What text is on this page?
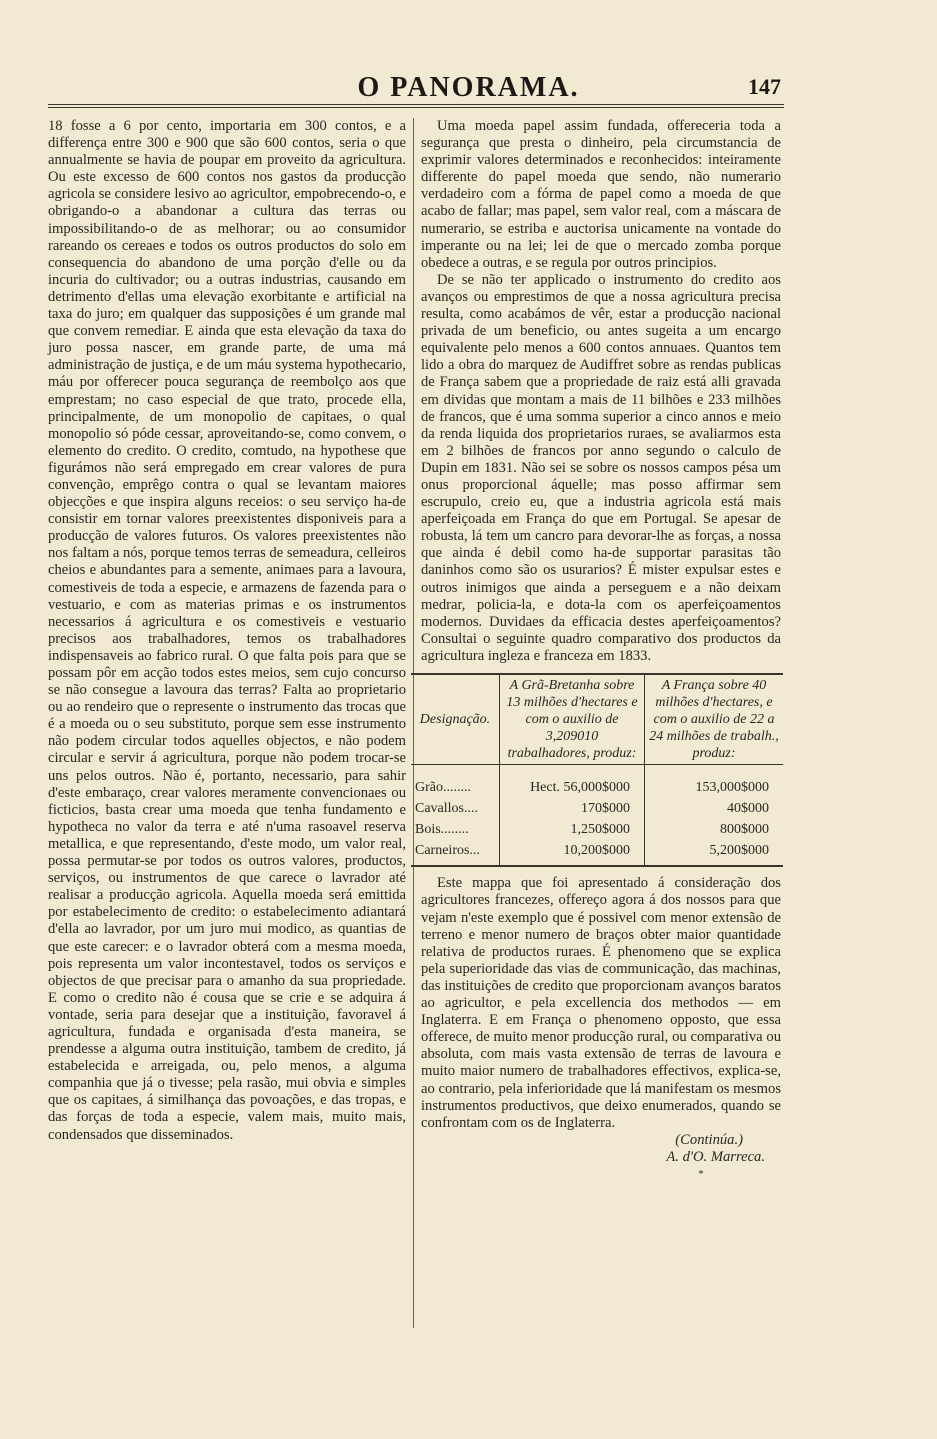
O PANORAMA.	147

18 fosse a 6 por cento, importaria em 300 contos, e a differença entre 300 e 900 que são 600 contos, seria o que annualmente se havia de poupar em proveito da agricultura. Ou este excesso de 600 contos nos gastos da producção agricola se considere lesivo ao agricultor, empobrecendo-o, e obrigando-o a abandonar a cultura das terras ou impossibilitando-o de as melhorar; ou ao consumidor rareando os cereaes e todos os outros productos do solo em consequencia do abandono de uma porção d'elle ou da incuria do cultivador; ou a outras industrias, causando em detrimento d'ellas uma elevação exorbitante e artificial na taxa do juro; em qualquer das supposições é um grande mal que convem remediar. E ainda que esta elevação da taxa do juro possa nascer, em grande parte, de uma má administração de justiça, e de um máu systema hypothecario, máu por offerecer pouca segurança de reembolço aos que emprestam; no caso especial de que trato, procede ella, principalmente, de um monopolio de capitaes, o qual monopolio só póde cessar, aproveitando-se, como convem, o elemento do credito. O credito, comtudo, na hypothese que figurámos não será empregado em crear valores de pura convenção, emprêgo contra o qual se levantam maiores objecções e que inspira alguns receios: o seu serviço ha-de consistir em tornar valores preexistentes disponiveis para a producção de valores futuros. Os valores preexistentes não nos faltam a nós, porque temos terras de semeadura, celleiros cheios e abundantes para a semente, animaes para a lavoura, comestiveis de toda a especie, e armazens de fazenda para o vestuario, e com as materias primas e os instrumentos necessarios á agricultura e os comestiveis e vestuario precisos aos trabalhadores, temos os trabalhadores indispensaveis ao fabrico rural. O que falta pois para que se possam pôr em acção todos estes meios, sem cujo concurso se não consegue a lavoura das terras? Falta ao proprietario ou ao rendeiro que o represente o instrumento das trocas que é a moeda ou o seu substituto, porque sem esse instrumento não podem circular todos aquelles objectos, e não podem circular e servir á agricultura, porque não podem trocar-se uns pelos outros. Não é, portanto, necessario, para sahir d'este embaraço, crear valores meramente convencionaes ou ficticios, basta crear uma moeda que tenha fundamento e hypotheca no valor da terra e até n'uma rasoavel reserva metallica, e que representando, d'este modo, um valor real, possa permutar-se por todos os outros valores, productos, serviços, ou instrumentos de que carece o lavrador até realisar a producção agricola. Aquella moeda será emittida por estabelecimento de credito: o estabelecimento adiantará d'ella ao lavrador, por um juro mui modico, as quantias de que este carecer: e o lavrador obterá com a mesma moeda, pois representa um valor incontestavel, todos os serviços e objectos de que precisar para o amanho da sua propriedade. E como o credito não é cousa que se crie e se adquira á vontade, seria para desejar que a instituição, favoravel á agricultura, fundada e organisada d'esta maneira, se prendesse a alguma outra instituição, tambem de credito, já estabelecida e arreigada, ou, pelo menos, a alguma companhia que já o tivesse; pela rasão, mui obvia e simples que os capitaes, á similhança das povoações, e das tropas, e das forças de toda a especie, valem mais, muito mais, condensados que disseminados.

Uma moeda papel assim fundada, offereceria toda a segurança que presta o dinheiro, pela circumstancia de exprimir valores determinados e reconhecidos: inteiramente differente do papel moeda que sendo, não numerario verdadeiro com a fórma de papel como a moeda de que acabo de fallar; mas papel, sem valor real, com a máscara de numerario, se estriba e auctorisa unicamente na vontade do imperante ou na lei; lei de que o mercado zomba porque obedece a outras, e se regula por outros principios.

De se não ter applicado o instrumento do credito aos avanços ou emprestimos de que a nossa agricultura precisa resulta, como acabámos de vêr, estar a producção nacional privada de um beneficio, ou antes sugeita a um encargo equivalente pelo menos a 600 contos annuaes. Quantos tem lido a obra do marquez de Audiffret sobre as rendas publicas de França sabem que a propriedade de raiz está alli gravada em dividas que montam a mais de 11 bilhões e 233 milhões de francos, que é uma somma superior a cinco annos e meio da renda liquida dos proprietarios ruraes, se avaliarmos esta em 2 bilhões de francos por anno segundo o calculo de Dupin em 1831. Não sei se sobre os nossos campos pésa um onus proporcional áquelle; mas posso affirmar sem escrupulo, creio eu, que a industria agricola está mais aperfeiçoada em França do que em Portugal. Se apesar de robusta, lá tem um cancro para devorar-lhe as forças, a nossa que ainda é debil como ha-de supportar parasitas tão daninhos como são os usurarios? É mister expulsar estes e outros inimigos que ainda a perseguem e a não deixam medrar, policia-la, e dota-la com os aperfeiçoamentos modernos. Duvidaes da efficacia destes aperfeiçoamentos? Consultai o seguinte quadro comparativo dos productos da agricultura ingleza e franceza em 1833.

Designação.	A Grã-Bretanha sobre 13 milhões d'hectares e com o auxilio de 3,209010 trabalhadores, produz:	A França sobre 40 milhões d'hectares, e com o auxilio de 22 a 24 milhões de trabalh., produz:
Grão........	Hect. 56,000$000	153,000$000
Cavallos....	170$000	40$000
Bois........	1,250$000	800$000
Carneiros...	10,200$000	5,200$000

Este mappa que foi apresentado á consideração dos agricultores francezes, offereço agora á dos nossos para que vejam n'este exemplo que é possivel com menor extensão de terreno e menor numero de braços obter maior quantidade relativa de productos ruraes. É phenomeno que se explica pela superioridade das vias de communicação, das machinas, das instituições de credito que proporcionam avanços baratos ao agricultor, e pela excellencia dos methodos — em Inglaterra. E em França o phenomeno opposto, que essa offerece, de muito menor producção rural, ou comparativa ou absoluta, com mais vasta extensão de terras de lavoura e muito maior numero de trabalhadores effectivos, explica-se, ao contrario, pela inferioridade que lá manifestam os mesmos instrumentos productivos, que deixo enumerados, quando se confrontam com os de Inglaterra.

(Continúa.)

A. d'O. Marreca.

*
